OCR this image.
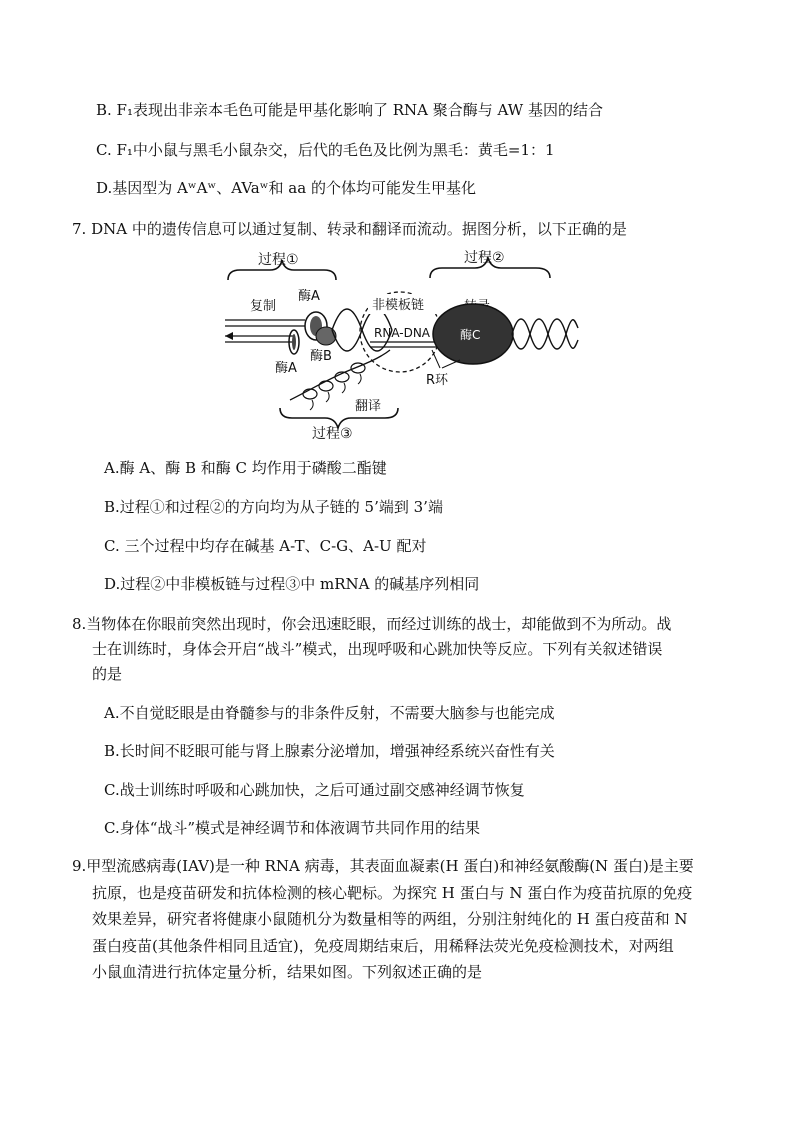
B. F₁表现出非亲本毛色可能是甲基化影响了 RNA 聚合酶与 AW 基因的结合
C. F₁中小鼠与黑毛小鼠杂交，后代的毛色及比例为黑毛：黄毛=1：1
D.基因型为 AʷAʷ、AVaʷ和 aa 的个体均可能发生甲基化
7. DNA 中的遗传信息可以通过复制、转录和翻译而流动。据图分析，以下正确的是
过程①	过程②
复制
酶A
酶B
酶A
非模板链
RNA-DNA 酶C
R环
翻译
过程③
A.酶 A、酶 B 和酶 C 均作用于磷酸二酯键
B.过程①和过程②的方向均为从子链的 5’端到 3’端
C. 三个过程中均存在碱基 A-T、C-G、A-U 配对
D.过程②中非模板链与过程③中 mRNA 的碱基序列相同
8.当物体在你眼前突然出现时，你会迅速眨眼，而经过训练的战士，却能做到不为所动。战
士在训练时，身体会开启“战斗”模式，出现呼吸和心跳加快等反应。下列有关叙述错误
的是
A.不自觉眨眼是由脊髓参与的非条件反射，不需要大脑参与也能完成
B.长时间不眨眼可能与肾上腺素分泌增加，增强神经系统兴奋性有关
C.战士训练时呼吸和心跳加快，之后可通过副交感神经调节恢复
C.身体“战斗”模式是神经调节和体液调节共同作用的结果
9.甲型流感病毒(IAV)是一种 RNA 病毒，其表面血凝素(H 蛋白)和神经氨酸酶(N 蛋白)是主要
抗原，也是疫苗研发和抗体检测的核心靶标。为探究 H 蛋白与 N 蛋白作为疫苗抗原的免疫
效果差异，研究者将健康小鼠随机分为数量相等的两组，分别注射纯化的 H 蛋白疫苗和 N
蛋白疫苗(其他条件相同且适宜)，免疫周期结束后，用稀释法荧光免疫检测技术，对两组
小鼠血清进行抗体定量分析，结果如图。下列叙述正确的是
